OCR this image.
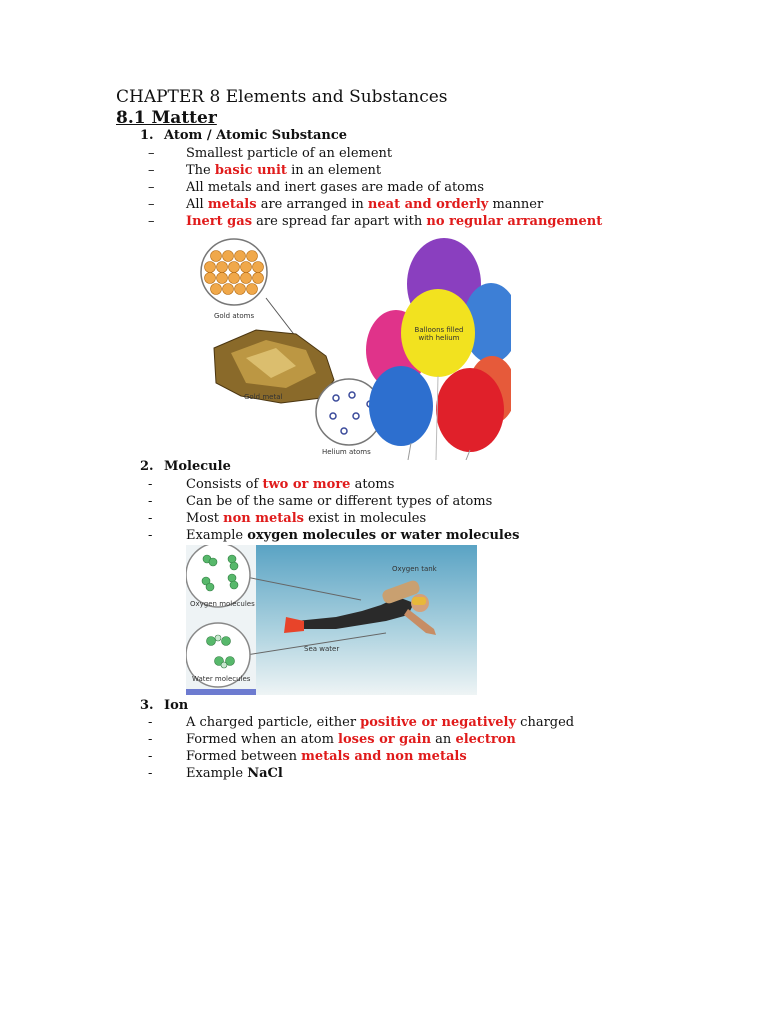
CHAPTER 8 Elements and Substances
8.1 Matter
1. Atom / Atomic Substance
Gold atoms
Gold metal
Helium atoms
Balloons filled with helium
2. Molecule
Oxygen tank
Oxygen molecules
Sea water
Water molecules
3. Ion
– Smallest particle of an element
– The basic unit in an element
– All metals and inert gases are made of atoms
– All metals are arranged in neat and orderly manner
– Inert gas are spread far apart with no regular arrangement
-	Consists of two or more atoms
-	Can be of the same or different types of atoms
-	Most non metals exist in molecules
-	Example oxygen molecules or water molecules
-	A charged particle, either positive or negatively charged
-	Formed when an atom loses or gain an electron
-	Formed between metals and non metals
-	Example NaCl
